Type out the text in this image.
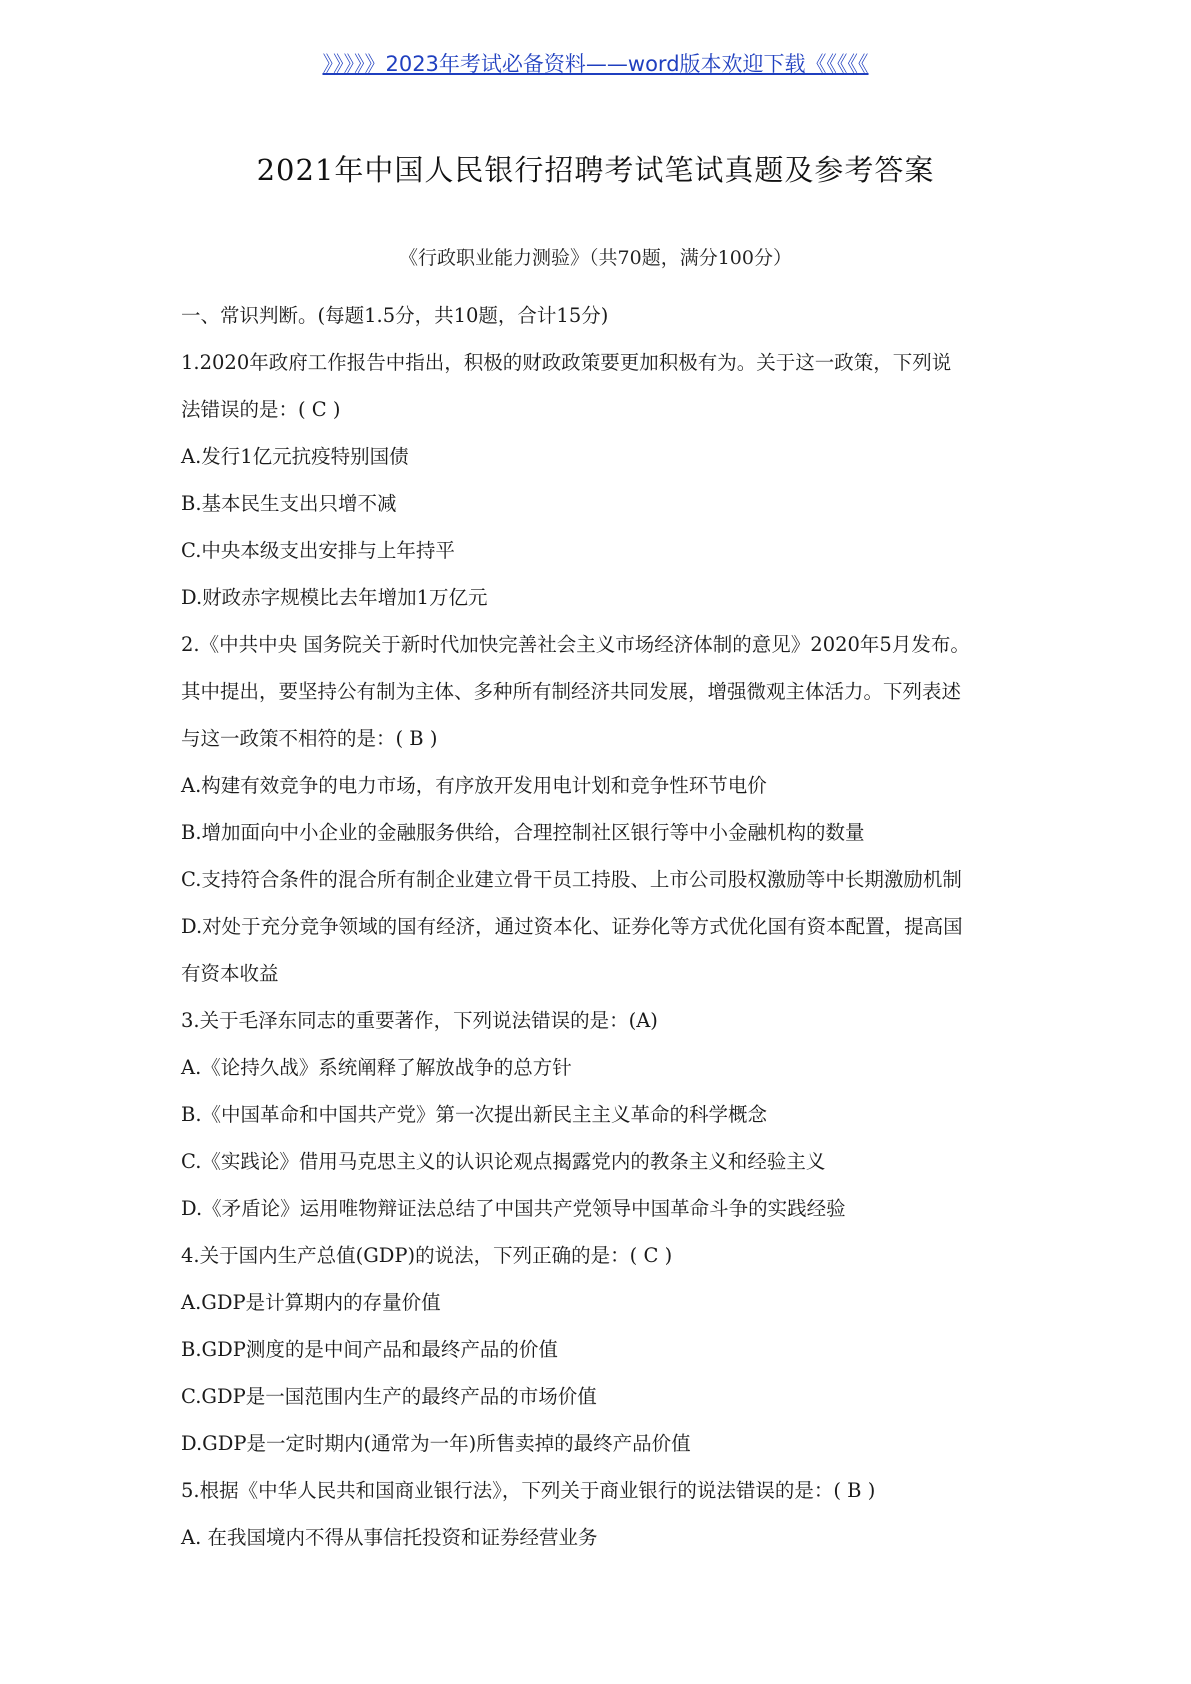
》》》》》2023年考试必备资料——word版本欢迎下载《《《《《
2021年中国人民银行招聘考试笔试真题及参考答案
《行政职业能力测验》（共70题，满分100分）
一、常识判断。(每题1.5分，共10题，合计15分)
1.2020年政府工作报告中指出，积极的财政政策要更加积极有为。关于这一政策，下列说
法错误的是：( C )
A.发行1亿元抗疫特别国债
B.基本民生支出只增不减
C.中央本级支出安排与上年持平
D.财政赤字规模比去年增加1万亿元
2.《中共中央 国务院关于新时代加快完善社会主义市场经济体制的意见》2020年5月发布。
其中提出，要坚持公有制为主体、多种所有制经济共同发展，增强微观主体活力。下列表述
与这一政策不相符的是：( B )
A.构建有效竞争的电力市场，有序放开发用电计划和竞争性环节电价
B.增加面向中小企业的金融服务供给，合理控制社区银行等中小金融机构的数量
C.支持符合条件的混合所有制企业建立骨干员工持股、上市公司股权激励等中长期激励机制
D.对处于充分竞争领域的国有经济，通过资本化、证券化等方式优化国有资本配置，提高国
有资本收益
3.关于毛泽东同志的重要著作，下列说法错误的是：(A)
A.《论持久战》系统阐释了解放战争的总方针
B.《中国革命和中国共产党》第一次提出新民主主义革命的科学概念
C.《实践论》借用马克思主义的认识论观点揭露党内的教条主义和经验主义
D.《矛盾论》运用唯物辩证法总结了中国共产党领导中国革命斗争的实践经验
4.关于国内生产总值(GDP)的说法，下列正确的是：( C )
A.GDP是计算期内的存量价值
B.GDP测度的是中间产品和最终产品的价值
C.GDP是一国范围内生产的最终产品的市场价值
D.GDP是一定时期内(通常为一年)所售卖掉的最终产品价值
5.根据《中华人民共和国商业银行法》，下列关于商业银行的说法错误的是：( B )
A. 在我国境内不得从事信托投资和证券经营业务
